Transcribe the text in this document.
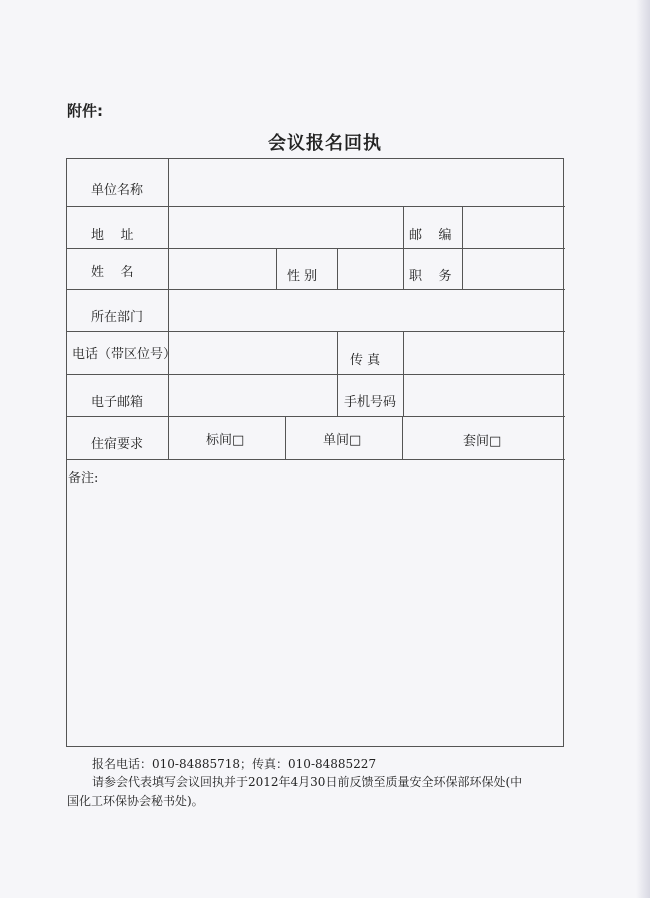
附件:
会议报名回执
单位名称
地    址	邮    编
姓    名	性 别	职    务
所在部门
电话（带区位号）	传 真
电子邮箱	手机号码
住宿要求	标间□	单间□	套间□
备注:
报名电话：010-84885718；传真：010-84885227
请参会代表填写会议回执并于2012年4月30日前反馈至质量安全环保部环保处(中
国化工环保协会秘书处)。
